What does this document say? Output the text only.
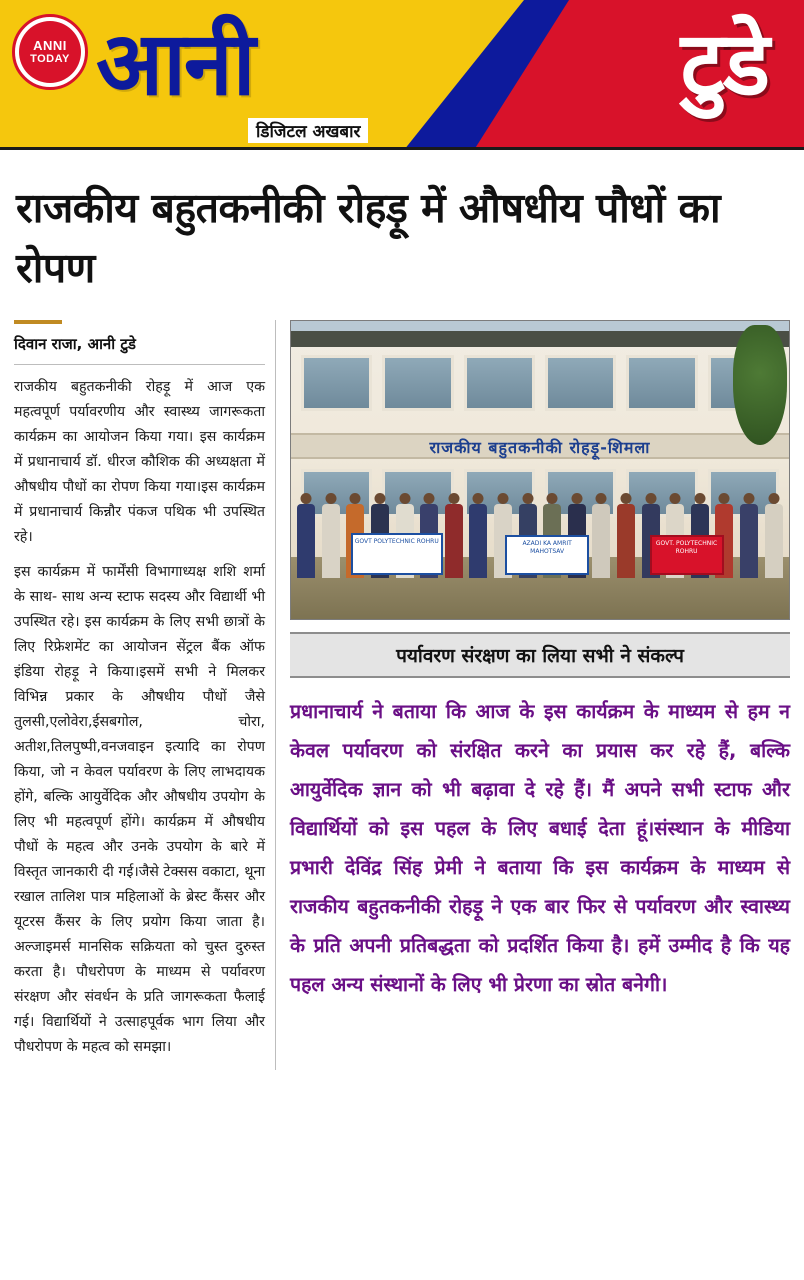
ANNI
TODAY आनी	टुडे
डिजिटल अखबार
राजकीय बहुतकनीकी रोहड़ू में औषधीय पौधों का रोपण
दिवान राजा, आनी टुडे

राजकीय बहुतकनीकी रोहड़ू में आज एक महत्वपूर्ण पर्यावरणीय और स्वास्थ्य जागरूकता कार्यक्रम का आयोजन किया गया। इस कार्यक्रम में प्रधानाचार्य डॉ. धीरज कौशिक की अध्यक्षता में औषधीय पौधों का रोपण किया गया।इस कार्यक्रम में प्रधानाचार्य किन्नौर पंकज पथिक भी उपस्थित रहे।

इस कार्यक्रम में फार्मेंसी विभागाध्यक्ष शशि शर्मा के साथ- साथ अन्य स्टाफ सदस्य और विद्यार्थी भी उपस्थित रहे। इस कार्यक्रम के लिए सभी छात्रों के लिए रिफ्रेशमेंट का आयोजन सेंट्रल बैंक ऑफ इंडिया रोहड़ू ने किया।इसमें सभी ने मिलकर विभिन्न प्रकार के औषधीय पौधों जैसे तुलसी,एलोवेरा,ईसबगोल, चोरा, अतीश,तिलपुष्पी,वनजवाइन इत्यादि का रोपण किया, जो न केवल पर्यावरण के लिए लाभदायक होंगे, बल्कि आयुर्वेदिक और औषधीय उपयोग के लिए भी महत्वपूर्ण होंगे। कार्यक्रम में औषधीय पौधों के महत्व और उनके उपयोग के बारे में विस्तृत जानकारी दी गई।जैसे टेक्सस वकाटा, थूना रखाल तालिश पात्र महिलाओं के ब्रेस्ट कैंसर और यूटरस कैंसर के लिए प्रयोग किया जाता है। अल्जाइमर्स मानसिक सक्रियता को चुस्त दुरुस्त करता है। पौधरोपण के माध्यम से पर्यावरण संरक्षण और संवर्धन के प्रति जागरूकता फैलाई गई। विद्यार्थियों ने उत्साहपूर्वक भाग लिया और पौधरोपण के महत्व को समझा।

राजकीय बहुतकनीकी रोहड़ू-शिमला
GOVT POLYTECHNIC ROHRU	AZADI KA AMRIT MAHOTSAV
GOVT. POLYTECHNIC ROHRU
पर्यावरण संरक्षण का लिया सभी ने संकल्प
प्रधानाचार्य ने बताया कि आज के इस कार्यक्रम के माध्यम से हम न केवल पर्यावरण को संरक्षित करने का प्रयास कर रहे हैं, बल्कि आयुर्वेदिक ज्ञान को भी बढ़ावा दे रहे हैं। मैं अपने सभी स्टाफ और विद्यार्थियों को इस पहल के लिए बधाई देता हूं।संस्थान के मीडिया प्रभारी देविंद्र सिंह प्रेमी ने बताया कि इस कार्यक्रम के माध्यम से राजकीय बहुतकनीकी रोहड़ू ने एक बार फिर से पर्यावरण और स्वास्थ्य के प्रति अपनी प्रतिबद्धता को प्रदर्शित किया है। हमें उम्मीद है कि यह पहल अन्य संस्थानों के लिए भी प्रेरणा का स्रोत बनेगी।
